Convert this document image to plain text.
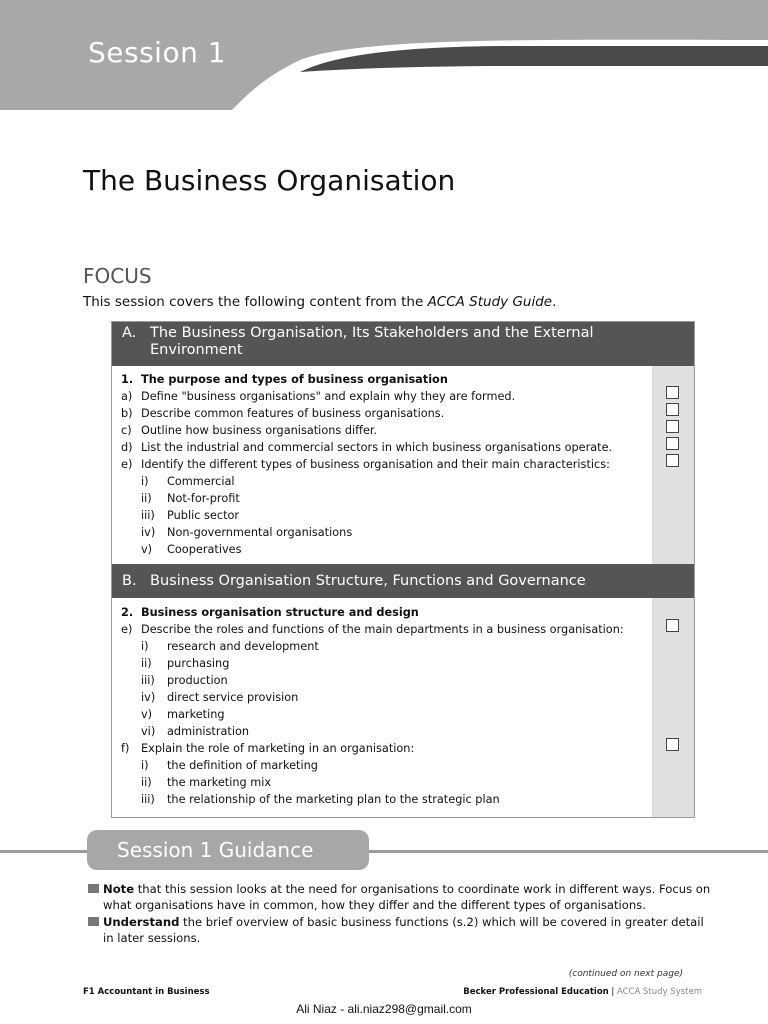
Session 1
The Business Organisation
FOCUS

This session covers the following content from the ACCA Study Guide.

A. The Business Organisation, Its Stakeholders and the External Environment
1. The purpose and types of business organisation
a) Define "business organisations" and explain why they are formed.
b) Describe common features of business organisations.
c) Outline how business organisations differ.
d) List the industrial and commercial sectors in which business organisations operate.
e) Identify the different types of business organisation and their main characteristics:
i) Commercial
ii) Not-for-profit
iii) Public sector
iv) Non-governmental organisations
v) Cooperatives
B. Business Organisation Structure, Functions and Governance
2. Business organisation structure and design
e) Describe the roles and functions of the main departments in a business organisation:
i) research and development
ii) purchasing
iii) production
iv) direct service provision
v) marketing
vi) administration
f) Explain the role of marketing in an organisation:
i) the definition of marketing
ii) the marketing mix
iii) the relationship of the marketing plan to the strategic plan
Session 1 Guidance
Note that this session looks at the need for organisations to coordinate work in different ways. Focus on what organisations have in common, how they differ and the different types of organisations.
Understand the brief overview of basic business functions (s.2) which will be covered in greater detail in later sessions.
(continued on next page)
F1 Accountant in Business	Becker Professional Education | ACCA Study System
Ali Niaz - ali.niaz298@gmail.com
